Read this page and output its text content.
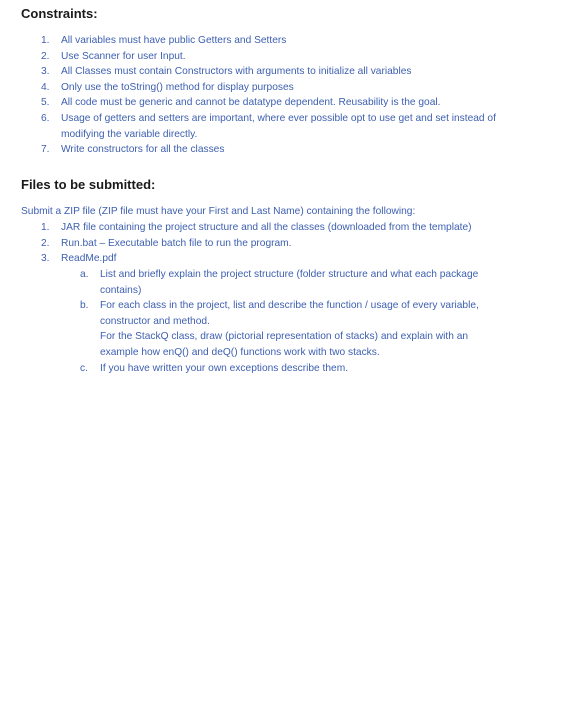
Constraints:
1. All variables must have public Getters and Setters
2. Use Scanner for user Input.
3. All Classes must contain Constructors with arguments to initialize all variables
4. Only use the toString() method for display purposes
5. All code must be generic and cannot be datatype dependent. Reusability is the goal.
6. Usage of getters and setters are important, where ever possible opt to use get and set instead of
modifying the variable directly.
7. Write constructors for all the classes
Files to be submitted:
Submit a ZIP file (ZIP file must have your First and Last Name) containing the following:
1. JAR file containing the project structure and all the classes (downloaded from the template)
2. Run.bat – Executable batch file to run the program.
3. ReadMe.pdf
a. List and briefly explain the project structure (folder structure and what each package
contains)
b. For each class in the project, list and describe the function / usage of every variable,
constructor and method.
For the StackQ class, draw (pictorial representation of stacks) and explain with an
example how enQ() and deQ() functions work with two stacks.
c. If you have written your own exceptions describe them.
